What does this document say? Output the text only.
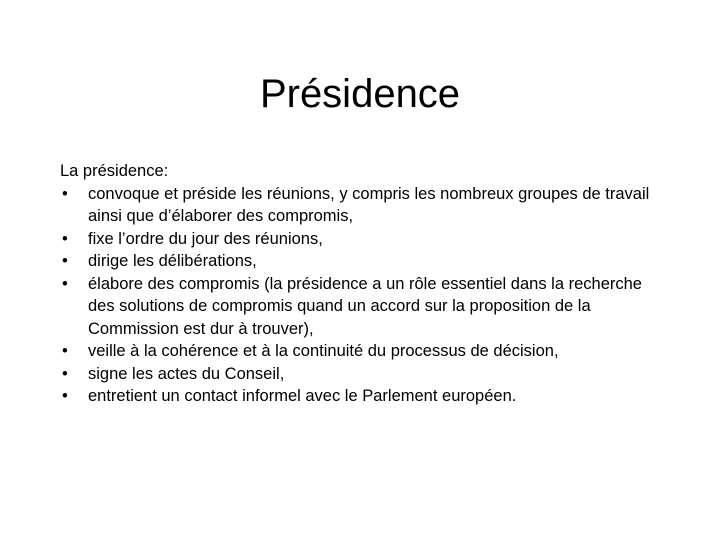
Présidence

La présidence:

• convoque et préside les réunions, y compris les nombreux groupes de travail ainsi que d’élaborer des compromis,
• fixe l’ordre du jour des réunions,
• dirige les délibérations,
• élabore des compromis (la présidence a un rôle essentiel dans la recherche des solutions de compromis quand un accord sur la proposition de la Commission est dur à trouver),
• veille à la cohérence et à la continuité du processus de décision,
• signe les actes du Conseil,
• entretient un contact informel avec le Parlement européen.
